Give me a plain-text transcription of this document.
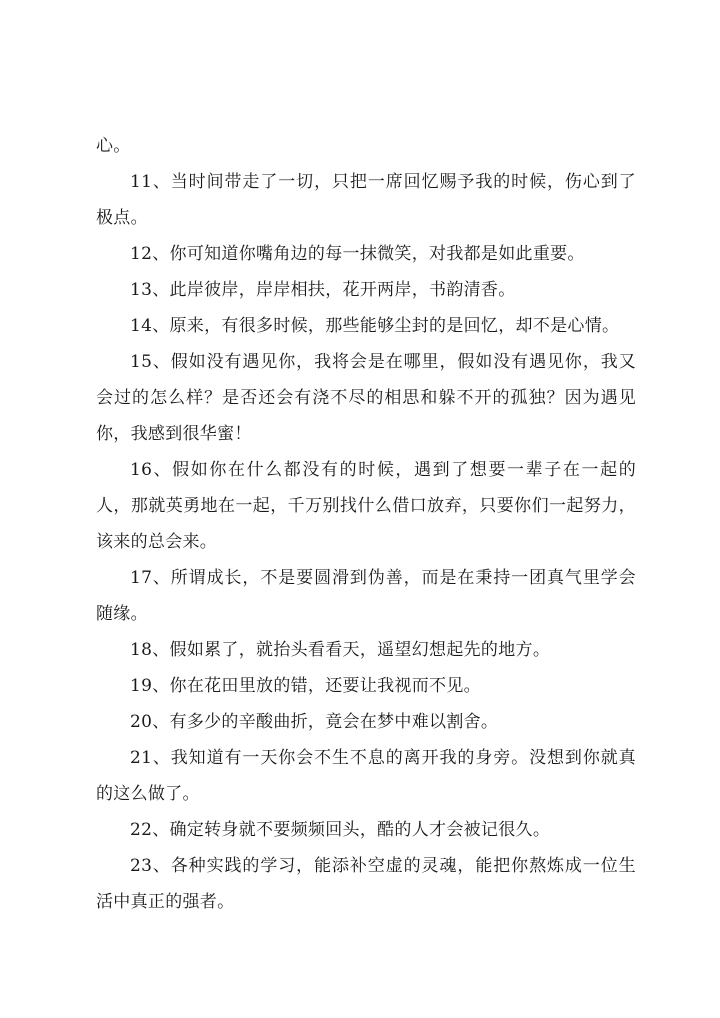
心。

11、当时间带走了一切，只把一席回忆赐予我的时候，伤心到了极点。

12、你可知道你嘴角边的每一抹微笑，对我都是如此重要。

13、此岸彼岸，岸岸相扶，花开两岸，书韵清香。

14、原来，有很多时候，那些能够尘封的是回忆，却不是心情。

15、假如没有遇见你，我将会是在哪里，假如没有遇见你，我又会过的怎么样？是否还会有浇不尽的相思和躲不开的孤独？因为遇见你，我感到很华蜜！

16、假如你在什么都没有的时候，遇到了想要一辈子在一起的人，那就英勇地在一起，千万别找什么借口放弃，只要你们一起努力，该来的总会来。

17、所谓成长，不是要圆滑到伪善，而是在秉持一团真气里学会随缘。

18、假如累了，就抬头看看天，遥望幻想起先的地方。

19、你在花田里放的错，还要让我视而不见。

20、有多少的辛酸曲折，竟会在梦中难以割舍。

21、我知道有一天你会不生不息的离开我的身旁。没想到你就真的这么做了。

22、确定转身就不要频频回头，酷的人才会被记很久。

23、各种实践的学习，能添补空虚的灵魂，能把你熬炼成一位生活中真正的强者。
